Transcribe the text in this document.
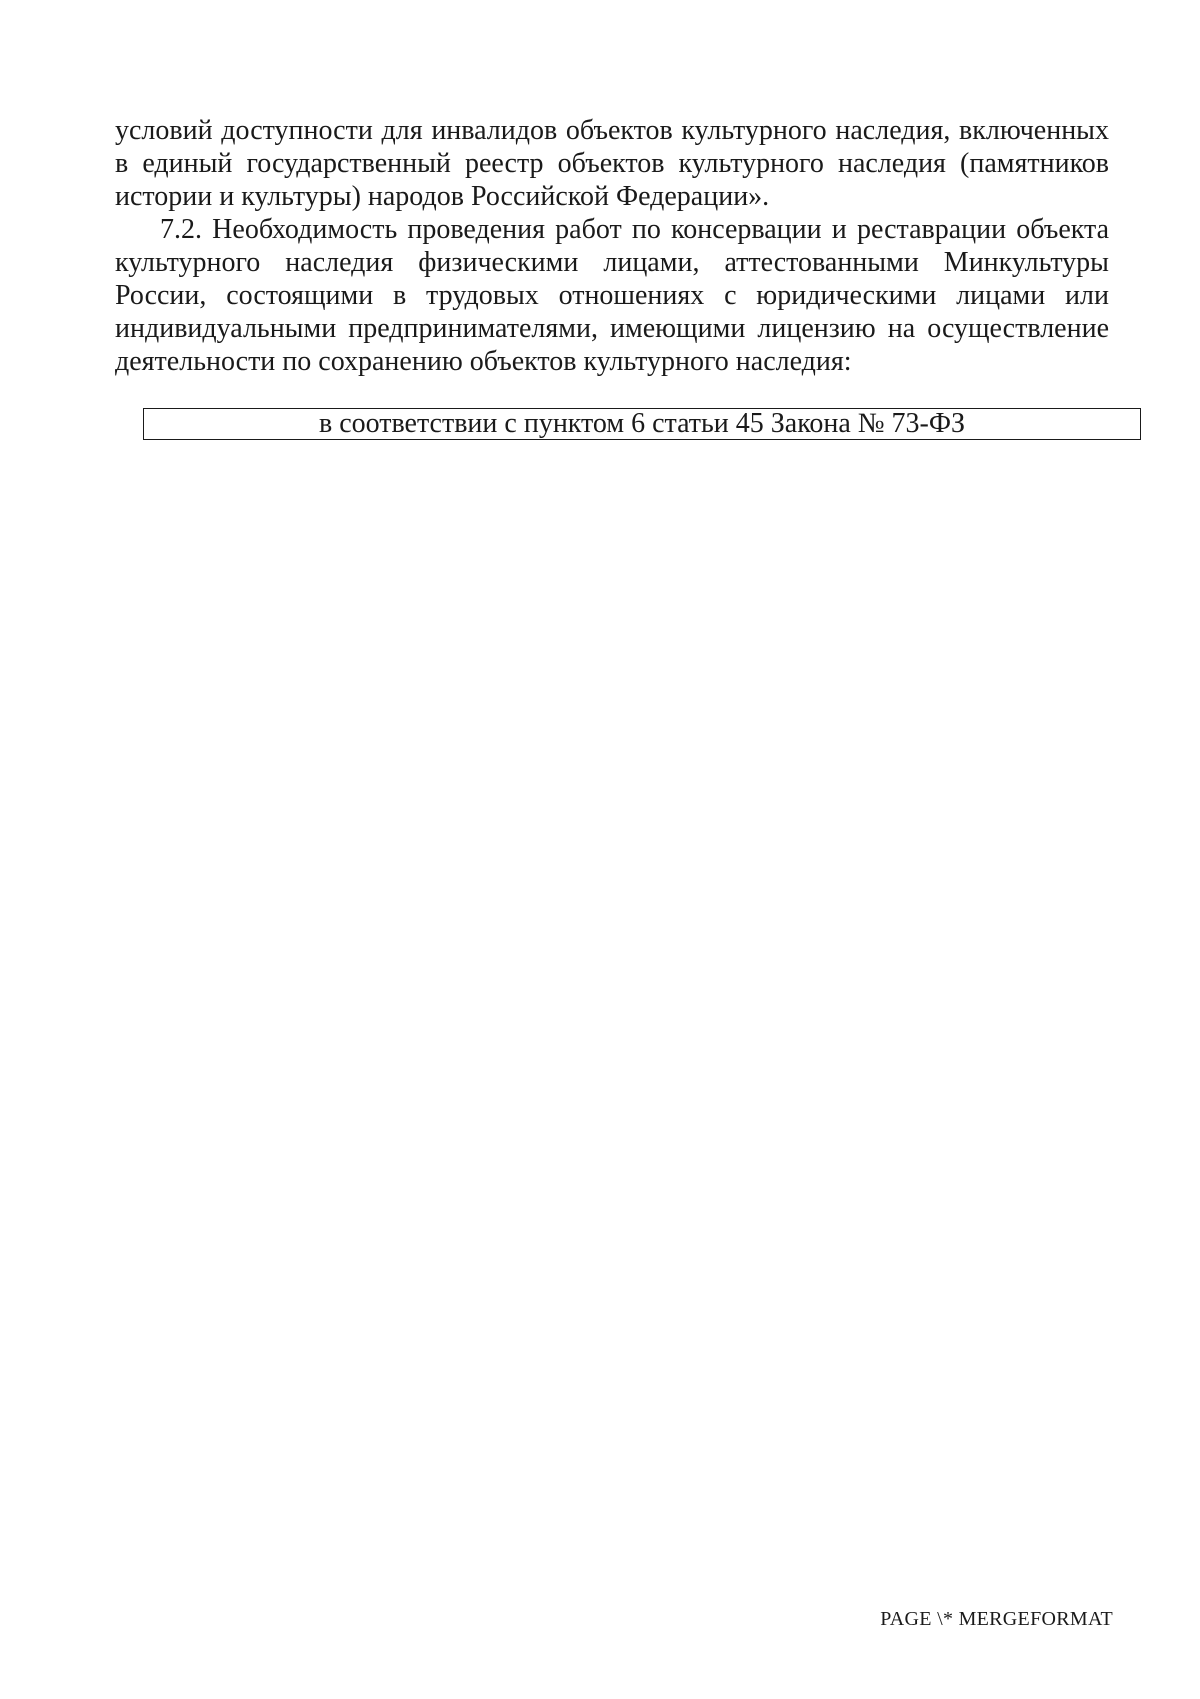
условий доступности для инвалидов объектов культурного наследия, включенных в единый государственный реестр объектов культурного наследия (памятников истории и культуры) народов Российской Федерации».

7.2. Необходимость проведения работ по консервации и реставрации объекта культурного наследия физическими лицами, аттестованными Минкультуры России, состоящими в трудовых отношениях с юридическими лицами или индивидуальными предпринимателями, имеющими лицензию на осуществление деятельности по сохранению объектов культурного наследия:

в соответствии с пунктом 6 статьи 45 Закона № 73-ФЗ
PAGE \* MERGEFORMAT
